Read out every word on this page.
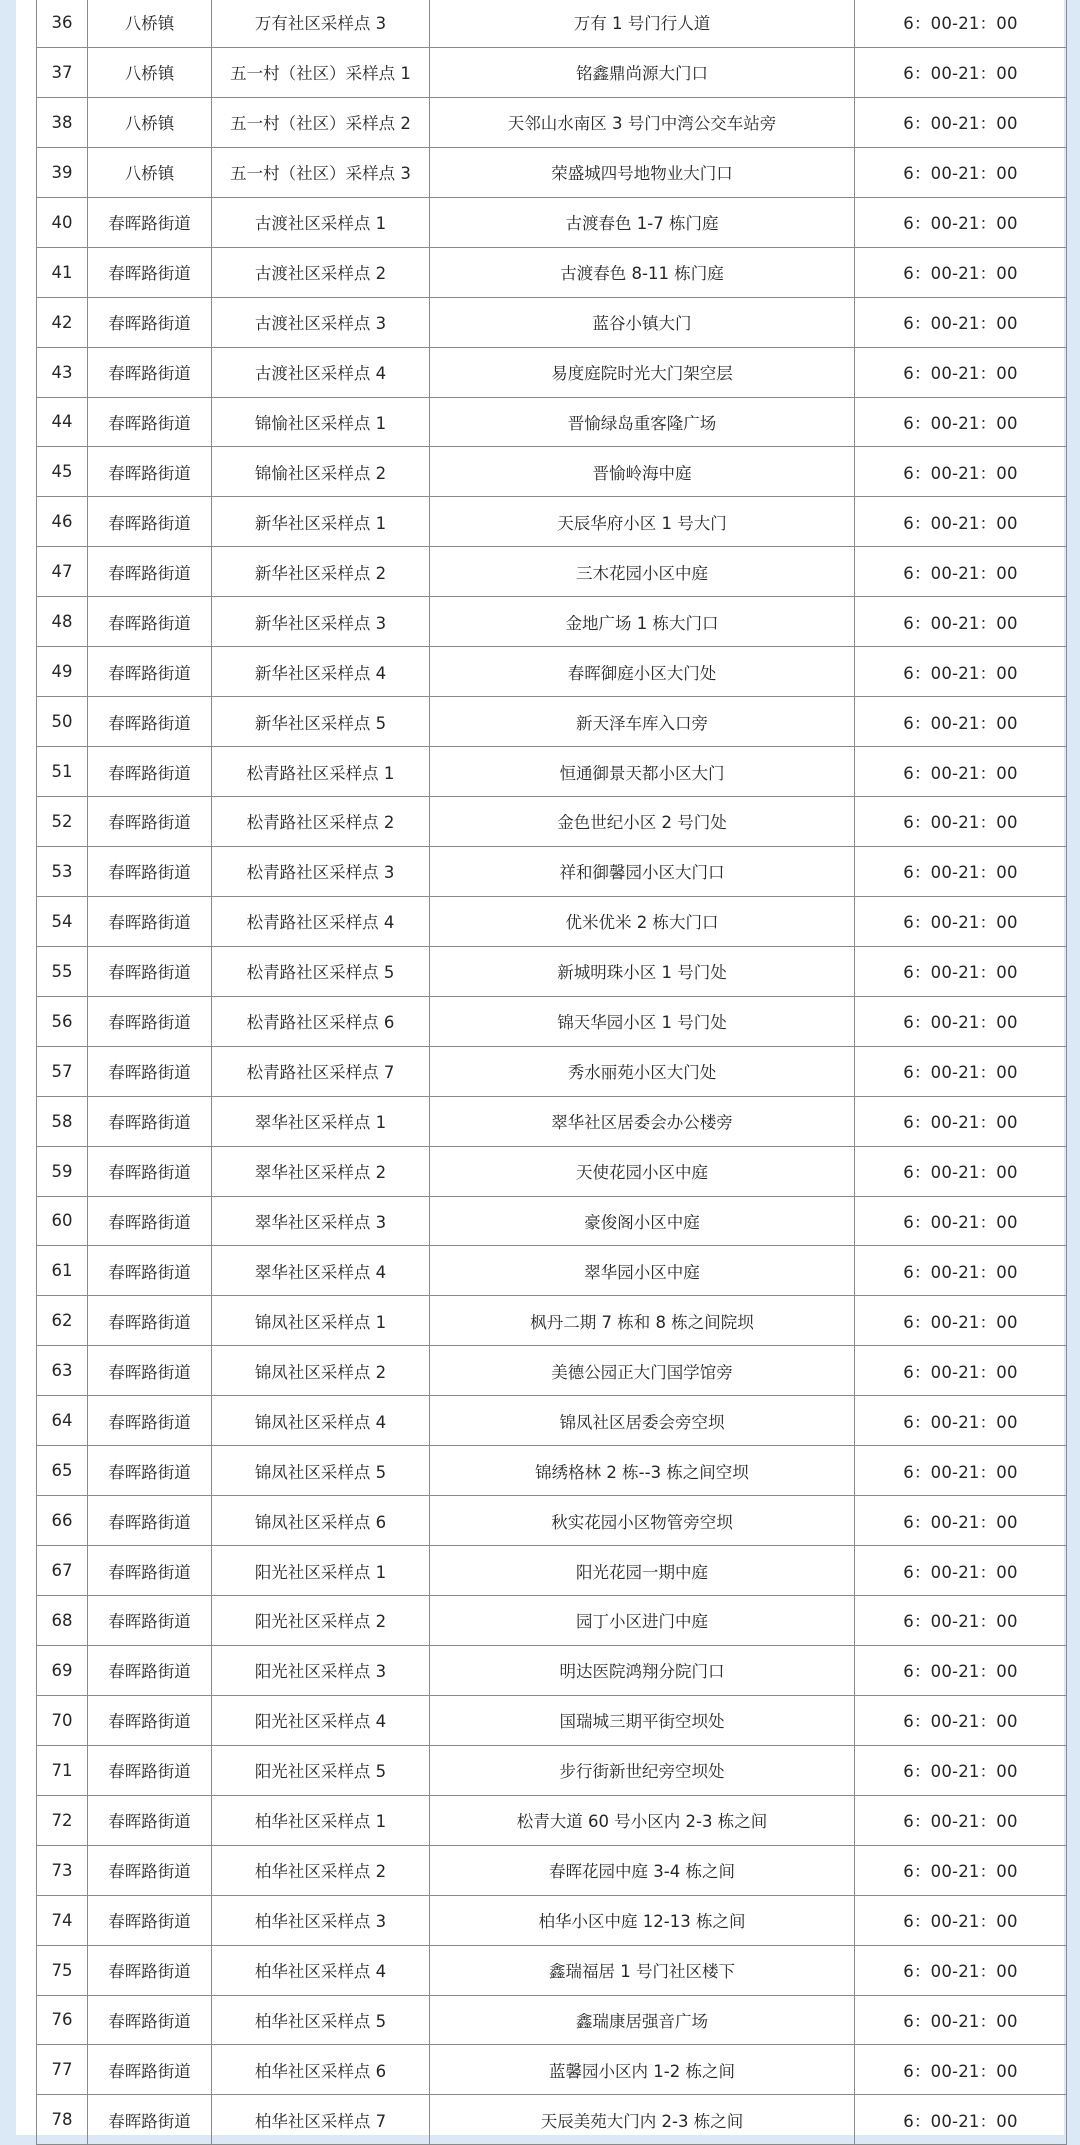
36	八桥镇	万有社区采样点 3	万有 1 号门行人道	6：00-21：00
37	八桥镇	五一村（社区）采样点 1	铭鑫鼎尚源大门口	6：00-21：00
38	八桥镇	五一村（社区）采样点 2	天邻山水南区 3 号门中湾公交车站旁	6：00-21：00
39	八桥镇	五一村（社区）采样点 3	荣盛城四号地物业大门口	6：00-21：00
40	春晖路街道	古渡社区采样点 1	古渡春色 1-7 栋门庭	6：00-21：00
41	春晖路街道	古渡社区采样点 2	古渡春色 8-11 栋门庭	6：00-21：00
42	春晖路街道	古渡社区采样点 3	蓝谷小镇大门	6：00-21：00
43	春晖路街道	古渡社区采样点 4	易度庭院时光大门架空层	6：00-21：00
44	春晖路街道	锦愉社区采样点 1	晋愉绿岛重客隆广场	6：00-21：00
45	春晖路街道	锦愉社区采样点 2	晋愉岭海中庭	6：00-21：00
46	春晖路街道	新华社区采样点 1	天辰华府小区 1 号大门	6：00-21：00
47	春晖路街道	新华社区采样点 2	三木花园小区中庭	6：00-21：00
48	春晖路街道	新华社区采样点 3	金地广场 1 栋大门口	6：00-21：00
49	春晖路街道	新华社区采样点 4	春晖御庭小区大门处	6：00-21：00
50	春晖路街道	新华社区采样点 5	新天泽车库入口旁	6：00-21：00
51	春晖路街道	松青路社区采样点 1	恒通御景天都小区大门	6：00-21：00
52	春晖路街道	松青路社区采样点 2	金色世纪小区 2 号门处	6：00-21：00
53	春晖路街道	松青路社区采样点 3	祥和御馨园小区大门口	6：00-21：00
54	春晖路街道	松青路社区采样点 4	优米优米 2 栋大门口	6：00-21：00
55	春晖路街道	松青路社区采样点 5	新城明珠小区 1 号门处	6：00-21：00
56	春晖路街道	松青路社区采样点 6	锦天华园小区 1 号门处	6：00-21：00
57	春晖路街道	松青路社区采样点 7	秀水丽苑小区大门处	6：00-21：00
58	春晖路街道	翠华社区采样点 1	翠华社区居委会办公楼旁	6：00-21：00
59	春晖路街道	翠华社区采样点 2	天使花园小区中庭	6：00-21：00
60	春晖路街道	翠华社区采样点 3	豪俊阁小区中庭	6：00-21：00
61	春晖路街道	翠华社区采样点 4	翠华园小区中庭	6：00-21：00
62	春晖路街道	锦凤社区采样点 1	枫丹二期 7 栋和 8 栋之间院坝	6：00-21：00
63	春晖路街道	锦凤社区采样点 2	美德公园正大门国学馆旁	6：00-21：00
64	春晖路街道	锦凤社区采样点 4	锦凤社区居委会旁空坝	6：00-21：00
65	春晖路街道	锦凤社区采样点 5	锦绣格林 2 栋--3 栋之间空坝	6：00-21：00
66	春晖路街道	锦凤社区采样点 6	秋实花园小区物管旁空坝	6：00-21：00
67	春晖路街道	阳光社区采样点 1	阳光花园一期中庭	6：00-21：00
68	春晖路街道	阳光社区采样点 2	园丁小区进门中庭	6：00-21：00
69	春晖路街道	阳光社区采样点 3	明达医院鸿翔分院门口	6：00-21：00
70	春晖路街道	阳光社区采样点 4	国瑞城三期平街空坝处	6：00-21：00
71	春晖路街道	阳光社区采样点 5	步行街新世纪旁空坝处	6：00-21：00
72	春晖路街道	柏华社区采样点 1	松青大道 60 号小区内 2-3 栋之间	6：00-21：00
73	春晖路街道	柏华社区采样点 2	春晖花园中庭 3-4 栋之间	6：00-21：00
74	春晖路街道	柏华社区采样点 3	柏华小区中庭 12-13 栋之间	6：00-21：00
75	春晖路街道	柏华社区采样点 4	鑫瑞福居 1 号门社区楼下	6：00-21：00
76	春晖路街道	柏华社区采样点 5	鑫瑞康居强音广场	6：00-21：00
77	春晖路街道	柏华社区采样点 6	蓝馨园小区内 1-2 栋之间	6：00-21：00
78	春晖路街道	柏华社区采样点 7	天辰美苑大门内 2-3 栋之间	6：00-21：00
